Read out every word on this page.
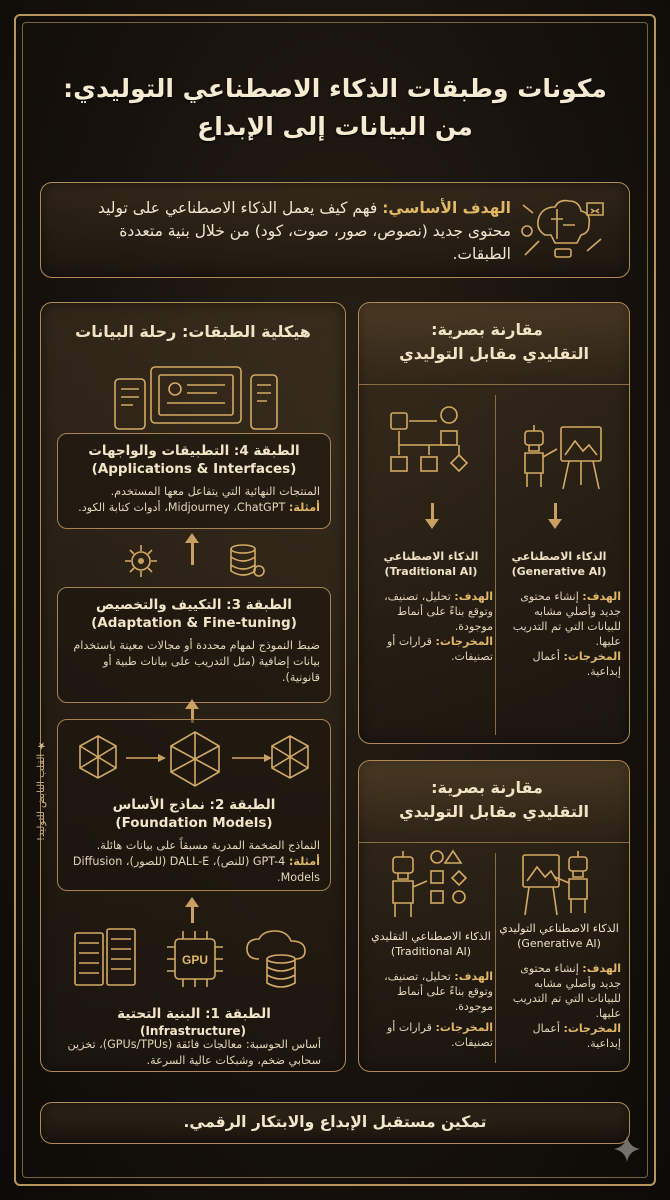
مكونات وطبقات الذكاء الاصطناعي التوليدي:
من البيانات إلى الإبداع
الهدف الأساسي: فهم كيف يعمل الذكاء الاصطناعي على توليد محتوى جديد (نصوص، صور، صوت، كود) من خلال بنية متعددة الطبقات.
هيكلية الطبقات: رحلة البيانات
الطبقة 4: التطبيقات والواجهات
(Applications & Interfaces)
المنتجات النهائية التي يتفاعل معها المستخدم.
أمثلة: Midjourney ،ChatGPT، أدوات كتابة الكود.
الطبقة 3: التكييف والتخصيص
(Adaptation & Fine-tuning)
ضبط النموذج لمهام محددة أو مجالات معينة باستخدام بيانات إضافية (مثل التدريب على بيانات طبية أو قانونية).
الطبقة 2: نماذج الأساس
(Foundation Models)
النماذج الضخمة المدربة مسبقاً على بيانات هائلة.
أمثلة: GPT-4 (للنص)، DALL-E (للصور)، Diffusion Models.
GPU
الطبقة 1: البنية التحتية
أساس الحوسبة: معالجات فائقة (GPUs/TPUs)، تخزين سحابي ضخم، وشبكات عالية السرعة.
(Infrastructure)
★ القلب النابض للتوليد!
مقارنة بصرية:
التقليدي مقابل التوليدي
الذكاء الاصطناعي
(Generative AI)
الهدف: إنشاء محتوى جديد وأصلي مشابه للبيانات التي تم التدريب عليها.
المخرجات: أعمال إبداعية.
الذكاء الاصطناعي
(Traditional AI)
الهدف: تحليل، تصنيف، وتوقع بناءً على أنماط موجودة.
المخرجات: قرارات أو تصنيفات.
مقارنة بصرية:
التقليدي مقابل التوليدي
الذكاء الاصطناعي التوليدي
(Generative AI)
الهدف: إنشاء محتوى جديد وأصلي مشابه للبيانات التي تم التدريب عليها.
المخرجات: أعمال إبداعية.
الذكاء الاصطناعي التقليدي
(Traditional AI)
الهدف: تحليل، تصنيف، وتوقع بناءً على أنماط موجودة.
المخرجات: قرارات أو تصنيفات.
تمكين مستقبل الإبداع والابتكار الرقمي.
